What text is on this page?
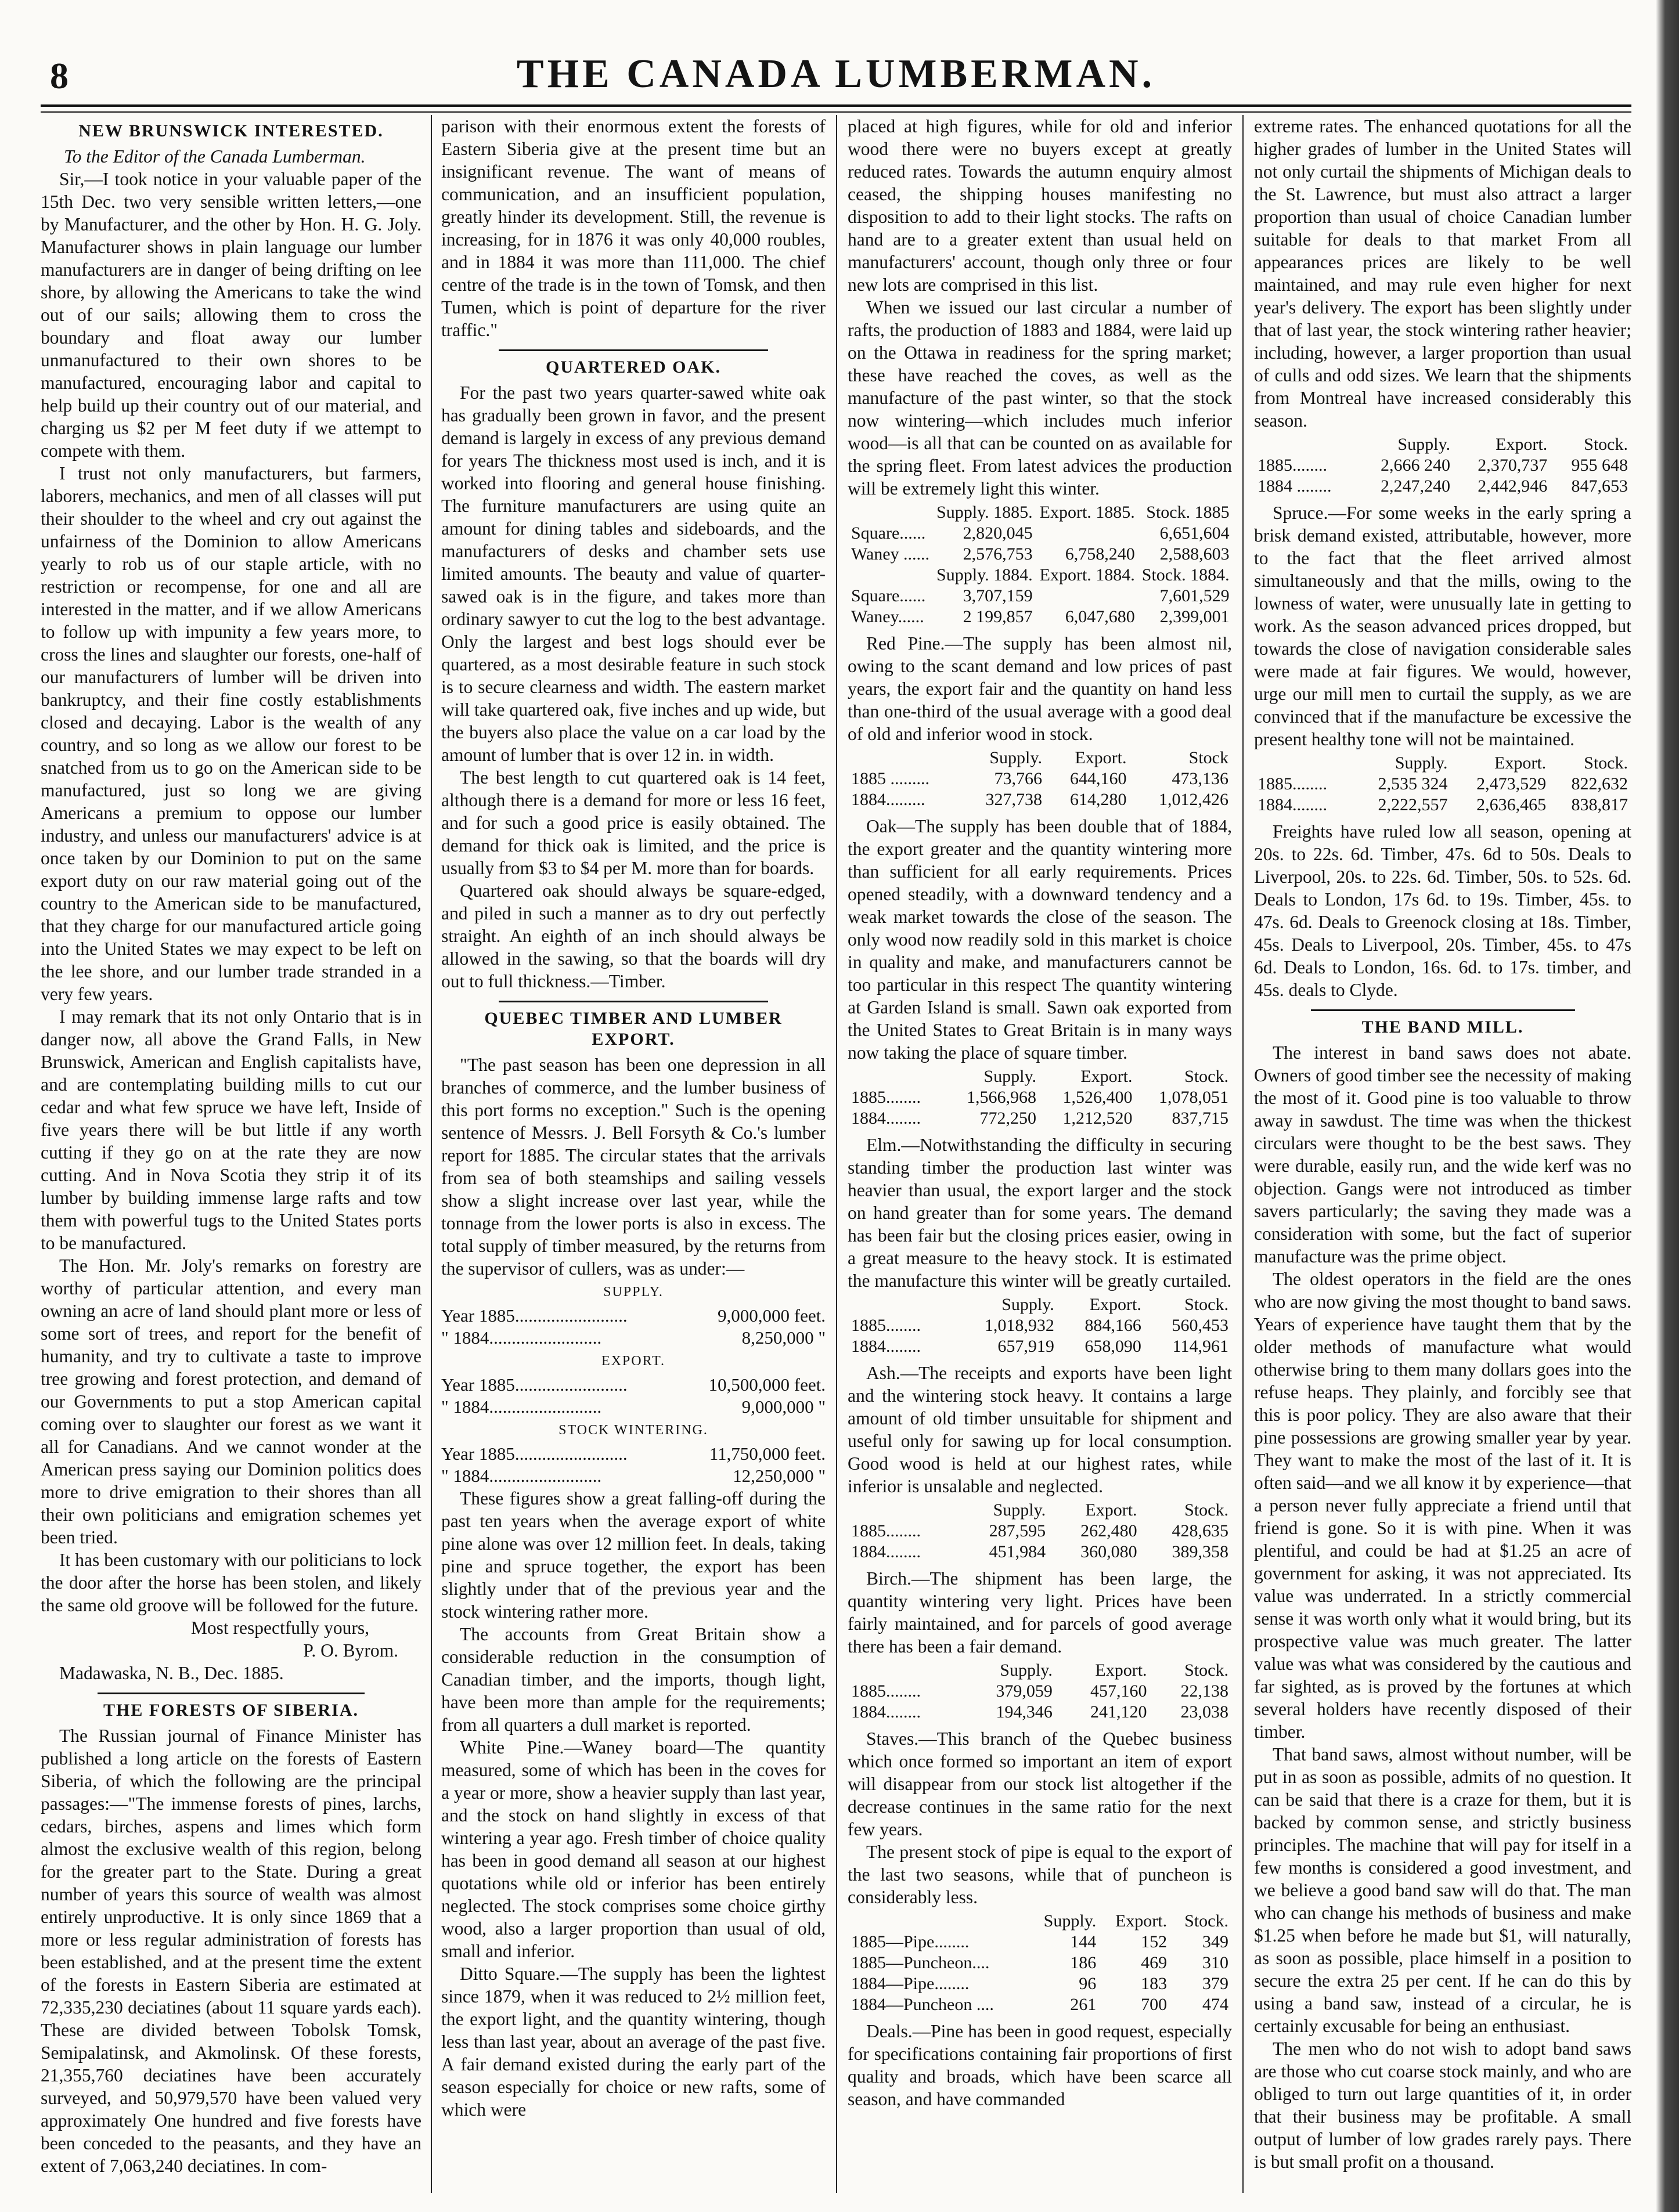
8	THE CANADA LUMBERMAN.
NEW BRUNSWICK INTERESTED.

To the Editor of the Canada Lumberman.

Sir,—I took notice in your valuable paper of the 15th Dec. two very sensible written letters,—one by Manufacturer, and the other by Hon. H. G. Joly. Manufacturer shows in plain language our lumber manufacturers are in danger of being drifting on lee shore, by allowing the Americans to take the wind out of our sails; allowing them to cross the boundary and float away our lumber unmanufactured to their own shores to be manufactured, encouraging labor and capital to help build up their country out of our material, and charging us $2 per M feet duty if we attempt to compete with them.

I trust not only manufacturers, but farmers, laborers, mechanics, and men of all classes will put their shoulder to the wheel and cry out against the unfairness of the Dominion to allow Americans yearly to rob us of our staple article, with no restriction or recompense, for one and all are interested in the matter, and if we allow Americans to follow up with impunity a few years more, to cross the lines and slaughter our forests, one-half of our manufacturers of lumber will be driven into bankruptcy, and their fine costly establishments closed and decaying. Labor is the wealth of any country, and so long as we allow our forest to be snatched from us to go on the American side to be manufactured, just so long we are giving Americans a premium to oppose our lumber industry, and unless our manufacturers' advice is at once taken by our Dominion to put on the same export duty on our raw material going out of the country to the American side to be manufactured, that they charge for our manufactured article going into the United States we may expect to be left on the lee shore, and our lumber trade stranded in a very few years.

I may remark that its not only Ontario that is in danger now, all above the Grand Falls, in New Brunswick, American and English capitalists have, and are contemplating building mills to cut our cedar and what few spruce we have left, Inside of five years there will be but little if any worth cutting if they go on at the rate they are now cutting. And in Nova Scotia they strip it of its lumber by building immense large rafts and tow them with powerful tugs to the United States ports to be manufactured.

The Hon. Mr. Joly's remarks on forestry are worthy of particular attention, and every man owning an acre of land should plant more or less of some sort of trees, and report for the benefit of humanity, and try to cultivate a taste to improve tree growing and forest protection, and demand of our Governments to put a stop American capital coming over to slaughter our forest as we want it all for Canadians. And we cannot wonder at the American press saying our Dominion politics does more to drive emigration to their shores than all their own politicians and emigration schemes yet been tried.

It has been customary with our politicians to lock the door after the horse has been stolen, and likely the same old groove will be followed for the future.

Most respectfully yours,

P. O. Byrom.

Madawaska, N. B., Dec. 1885.

THE FORESTS OF SIBERIA.

The Russian journal of Finance Minister has published a long article on the forests of Eastern Siberia, of which the following are the principal passages:—"The immense forests of pines, larchs, cedars, birches, aspens and limes which form almost the exclusive wealth of this region, belong for the greater part to the State. During a great number of years this source of wealth was almost entirely unproductive. It is only since 1869 that a more or less regular administration of forests has been established, and at the present time the extent of the forests in Eastern Siberia are estimated at 72,335,230 deciatines (about 11 square yards each). These are divided between Tobolsk Tomsk, Semipalatinsk, and Akmolinsk. Of these forests, 21,355,760 deciatines have been accurately surveyed, and 50,979,570 have been valued very approximately One hundred and five forests have been conceded to the peasants, and they have an extent of 7,063,240 deciatines. In com-

parison with their enormous extent the forests of Eastern Siberia give at the present time but an insignificant revenue. The want of means of communication, and an insufficient population, greatly hinder its development. Still, the revenue is increasing, for in 1876 it was only 40,000 roubles, and in 1884 it was more than 111,000. The chief centre of the trade is in the town of Tomsk, and then Tumen, which is point of departure for the river traffic."

QUARTERED OAK.

For the past two years quarter-sawed white oak has gradually been grown in favor, and the present demand is largely in excess of any previous demand for years The thickness most used is inch, and it is worked into flooring and general house finishing. The furniture manufacturers are using quite an amount for dining tables and sideboards, and the manufacturers of desks and chamber sets use limited amounts. The beauty and value of quarter-sawed oak is in the figure, and takes more than ordinary sawyer to cut the log to the best advantage. Only the largest and best logs should ever be quartered, as a most desirable feature in such stock is to secure clearness and width. The eastern market will take quartered oak, five inches and up wide, but the buyers also place the value on a car load by the amount of lumber that is over 12 in. in width.

The best length to cut quartered oak is 14 feet, although there is a demand for more or less 16 feet, and for such a good price is easily obtained. The demand for thick oak is limited, and the price is usually from $3 to $4 per M. more than for boards.

Quartered oak should always be square-edged, and piled in such a manner as to dry out perfectly straight. An eighth of an inch should always be allowed in the sawing, so that the boards will dry out to full thickness.—Timber.

QUEBEC TIMBER AND LUMBER EXPORT.

"The past season has been one depression in all branches of commerce, and the lumber business of this port forms no exception." Such is the opening sentence of Messrs. J. Bell Forsyth & Co.'s lumber report for 1885. The circular states that the arrivals from sea of both steamships and sailing vessels show a slight increase over last year, while the tonnage from the lower ports is also in excess. The total supply of timber measured, by the returns from the supervisor of cullers, was as under:—

SUPPLY.
Year 1885.........................	9,000,000 feet.
" 1884.........................	8,250,000 "
EXPORT.
Year 1885.........................	10,500,000 feet.
" 1884.........................	9,000,000 "
STOCK WINTERING.
Year 1885.........................	11,750,000 feet.
" 1884.........................	12,250,000 "

These figures show a great falling-off during the past ten years when the average export of white pine alone was over 12 million feet. In deals, taking pine and spruce together, the export has been slightly under that of the previous year and the stock wintering rather more.

The accounts from Great Britain show a considerable reduction in the consumption of Canadian timber, and the imports, though light, have been more than ample for the requirements; from all quarters a dull market is reported.

White Pine.—Waney board—The quantity measured, some of which has been in the coves for a year or more, show a heavier supply than last year, and the stock on hand slightly in excess of that wintering a year ago. Fresh timber of choice quality has been in good demand all season at our highest quotations while old or inferior has been entirely neglected. The stock comprises some choice girthy wood, also a larger proportion than usual of old, small and inferior.

Ditto Square.—The supply has been the lightest since 1879, when it was reduced to 2½ million feet, the export light, and the quantity wintering, though less than last year, about an average of the past five. A fair demand existed during the early part of the season especially for choice or new rafts, some of which were

placed at high figures, while for old and inferior wood there were no buyers except at greatly reduced rates. Towards the autumn enquiry almost ceased, the shipping houses manifesting no disposition to add to their light stocks. The rafts on hand are to a greater extent than usual held on manufacturers' account, though only three or four new lots are comprised in this list.

When we issued our last circular a number of rafts, the production of 1883 and 1884, were laid up on the Ottawa in readiness for the spring market; these have reached the coves, as well as the manufacture of the past winter, so that the stock now wintering—which includes much inferior wood—is all that can be counted on as available for the spring fleet. From latest advices the production will be extremely light this winter.

	Supply. 1885.	Export. 1885.	Stock. 1885
Square......	2,820,045		6,651,604
Waney ......	2,576,753	6,758,240	2,588,603
	Supply. 1884.	Export. 1884.	Stock. 1884.
Square......	3,707,159		7,601,529
Waney......	2 199,857	6,047,680	2,399,001

Red Pine.—The supply has been almost nil, owing to the scant demand and low prices of past years, the export fair and the quantity on hand less than one-third of the usual average with a good deal of old and inferior wood in stock.

	Supply.	Export.	Stock
1885 .........	73,766	644,160	473,136
1884.........	327,738	614,280	1,012,426

Oak—The supply has been double that of 1884, the export greater and the quantity wintering more than sufficient for all early requirements. Prices opened steadily, with a downward tendency and a weak market towards the close of the season. The only wood now readily sold in this market is choice in quality and make, and manufacturers cannot be too particular in this respect The quantity wintering at Garden Island is small. Sawn oak exported from the United States to Great Britain is in many ways now taking the place of square timber.

	Supply.	Export.	Stock.
1885........	1,566,968	1,526,400	1,078,051
1884........	772,250	1,212,520	837,715

Elm.—Notwithstanding the difficulty in securing standing timber the production last winter was heavier than usual, the export larger and the stock on hand greater than for some years. The demand has been fair but the closing prices easier, owing in a great measure to the heavy stock. It is estimated the manufacture this winter will be greatly curtailed.

	Supply.	Export.	Stock.
1885........	1,018,932	884,166	560,453
1884........	657,919	658,090	114,961

Ash.—The receipts and exports have been light and the wintering stock heavy. It contains a large amount of old timber unsuitable for shipment and useful only for sawing up for local consumption. Good wood is held at our highest rates, while inferior is unsalable and neglected.

	Supply.	Export.	Stock.
1885........	287,595	262,480	428,635
1884........	451,984	360,080	389,358

Birch.—The shipment has been large, the quantity wintering very light. Prices have been fairly maintained, and for parcels of good average there has been a fair demand.

	Supply.	Export.	Stock.
1885........	379,059	457,160	22,138
1884........	194,346	241,120	23,038

Staves.—This branch of the Quebec business which once formed so important an item of export will disappear from our stock list altogether if the decrease continues in the same ratio for the next few years.

The present stock of pipe is equal to the export of the last two seasons, while that of puncheon is considerably less.

	Supply.	Export.	Stock.
1885—Pipe........	144	152	349
1885—Puncheon....	186	469	310
1884—Pipe........	96	183	379
1884—Puncheon ....	261	700	474

Deals.—Pine has been in good request, especially for specifications containing fair proportions of first quality and broads, which have been scarce all season, and have commanded

extreme rates. The enhanced quotations for all the higher grades of lumber in the United States will not only curtail the shipments of Michigan deals to the St. Lawrence, but must also attract a larger proportion than usual of choice Canadian lumber suitable for deals to that market From all appearances prices are likely to be well maintained, and may rule even higher for next year's delivery. The export has been slightly under that of last year, the stock wintering rather heavier; including, however, a larger proportion than usual of culls and odd sizes. We learn that the shipments from Montreal have increased considerably this season.

	Supply.	Export.	Stock.
1885........	2,666 240	2,370,737	955 648
1884 ........	2,247,240	2,442,946	847,653

Spruce.—For some weeks in the early spring a brisk demand existed, attributable, however, more to the fact that the fleet arrived almost simultaneously and that the mills, owing to the lowness of water, were unusually late in getting to work. As the season advanced prices dropped, but towards the close of navigation considerable sales were made at fair figures. We would, however, urge our mill men to curtail the supply, as we are convinced that if the manufacture be excessive the present healthy tone will not be maintained.

	Supply.	Export.	Stock.
1885........	2,535 324	2,473,529	822,632
1884........	2,222,557	2,636,465	838,817

Freights have ruled low all season, opening at 20s. to 22s. 6d. Timber, 47s. 6d to 50s. Deals to Liverpool, 20s. to 22s. 6d. Timber, 50s. to 52s. 6d. Deals to London, 17s 6d. to 19s. Timber, 45s. to 47s. 6d. Deals to Greenock closing at 18s. Timber, 45s. Deals to Liverpool, 20s. Timber, 45s. to 47s 6d. Deals to London, 16s. 6d. to 17s. timber, and 45s. deals to Clyde.

THE BAND MILL.

The interest in band saws does not abate. Owners of good timber see the necessity of making the most of it. Good pine is too valuable to throw away in sawdust. The time was when the thickest circulars were thought to be the best saws. They were durable, easily run, and the wide kerf was no objection. Gangs were not introduced as timber savers particularly; the saving they made was a consideration with some, but the fact of superior manufacture was the prime object.

The oldest operators in the field are the ones who are now giving the most thought to band saws. Years of experience have taught them that by the older methods of manufacture what would otherwise bring to them many dollars goes into the refuse heaps. They plainly, and forcibly see that this is poor policy. They are also aware that their pine possessions are growing smaller year by year. They want to make the most of the last of it. It is often said—and we all know it by experience—that a person never fully appreciate a friend until that friend is gone. So it is with pine. When it was plentiful, and could be had at $1.25 an acre of government for asking, it was not appreciated. Its value was underrated. In a strictly commercial sense it was worth only what it would bring, but its prospective value was much greater. The latter value was what was considered by the cautious and far sighted, as is proved by the fortunes at which several holders have recently disposed of their timber.

That band saws, almost without number, will be put in as soon as possible, admits of no question. It can be said that there is a craze for them, but it is backed by common sense, and strictly business principles. The machine that will pay for itself in a few months is considered a good investment, and we believe a good band saw will do that. The man who can change his methods of business and make $1.25 when before he made but $1, will naturally, as soon as possible, place himself in a position to secure the extra 25 per cent. If he can do this by using a band saw, instead of a circular, he is certainly excusable for being an enthusiast.

The men who do not wish to adopt band saws are those who cut coarse stock mainly, and who are obliged to turn out large quantities of it, in order that their business may be profitable. A small output of lumber of low grades rarely pays. There is but small profit on a thousand.
